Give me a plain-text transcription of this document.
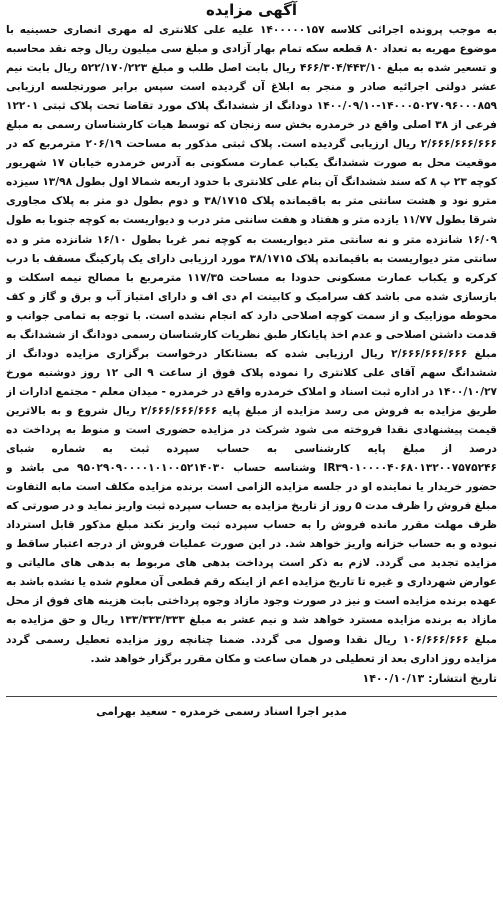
آگهی مزایده

به موجب پرونده اجرائی کلاسه ۱۴۰۰۰۰۰۱۵۷ علیه علی کلانتری له مهری انصاری حسینیه با موضوع مهریه به تعداد ۸۰ قطعه سکه تمام بهار آزادی و مبلغ سی میلیون ریال وجه نقد محاسبه و تسعیر شده به مبلغ ۴۶۶/۳۰۴/۴۴۳/۱۰ ریال بابت اصل طلب و مبلغ ۵۲۲/۱۷۰/۲۲۳ ریال بابت نیم عشر دولتی اجرائیه صادر و منجر به ابلاغ آن گردیده است سپس برابر صورتجلسه ارزیابی ۱۴۰۰۰۵۰۲۷۰۹۶۰۰۰۸۵۹-۱۴۰۰/۰۹/۱۰ دودانگ از ششدانگ پلاک مورد تقاضا تحت پلاک ثبتی ۱۲۲۰۱ فرعی از ۳۸ اصلی واقع در خرمدره بخش سه زنجان که توسط هیات کارشناسان رسمی به مبلغ ۲/۶۶۶/۶۶۶/۶۶۶ ریال ارزیابی گردیده است. پلاک ثبتی مذکور به مساحت ۲۰۶/۱۹ مترمربع که در موقعیت محل به صورت ششدانگ یکباب عمارت مسکونی به آدرس خرمدره خیابان ۱۷ شهریور کوچه ۲۳ پ ۸ که سند ششدانگ آن بنام علی کلانتری با حدود اربعه شمالا اول بطول ۱۳/۹۸ سیزده مترو نود و هشت سانتی متر به باقیمانده پلاک ۳۸/۱۷۱۵ و دوم بطول دو متر به پلاک مجاوری شرقا بطول ۱۱/۷۷ یازده متر و هفتاد و هفت سانتی متر درب و دیواریست به کوچه جنوبا به طول ۱۶/۰۹ شانزده متر و نه سانتی متر دیواریست به کوچه نمر غربا بطول ۱۶/۱۰ شانزده متر و ده سانتی متر دیواریست به باقیمانده پلاک ۳۸/۱۷۱۵ مورد ارزیابی دارای یک پارکینگ مسقف با درب کرکره و یکباب عمارت مسکونی حدودا به مساحت ۱۱۷/۳۵ مترمربع با مصالح نیمه اسکلت و بازسازی شده می باشد کف سرامیک و کابینت ام دی اف و دارای امتیاز آب و برق و گاز و کف محوطه موزاییک و از سمت کوچه اصلاحی دارد که انجام نشده است. با توجه به تمامی جوانب و قدمت داشتن اصلاحی و عدم اخذ پایانکار طبق نظریات کارشناسان رسمی دودانگ از ششدانگ به مبلغ ۲/۶۶۶/۶۶۶/۶۶۶ ریال ارزیابی شده که بستانکار درخواست برگزاری مزایده دودانگ از ششدانگ سهم آقای علی کلانتری را نموده پلاک فوق از ساعت ۹ الی ۱۲ روز دوشنبه مورخ ۱۴۰۰/۱۰/۲۷ در اداره ثبت اسناد و املاک خرمدره واقع در خرمدره - میدان معلم - مجتمع ادارات از طریق مزایده به فروش می رسد مزایده از مبلغ پایه ۲/۶۶۶/۶۶۶/۶۶۶ ریال شروع و به بالاترین قیمت پیشنهادی نقدا فروخته می شود شرکت در مزایده حضوری است و منوط به پرداخت ده درصد از مبلغ پایه کارشناسی به حساب سپرده ثبت به شماره شبای IR۳۹۰۱۰۰۰۰۴۰۶۸۰۱۳۲۰۰۷۵۷۵۲۴۶ وشناسه حساب ۹۵۰۲۹۰۹۰۰۰۰۱۰۱۰۰۵۲۱۴۰۳۰ می باشد و حضور خریدار یا نماینده او در جلسه مزایده الزامی است برنده مزایده مکلف است مابه التفاوت مبلغ فروش را ظرف مدت ۵ روز از تاریخ مزایده به حساب سپرده ثبت واریز نماید و در صورتی که ظرف مهلت مقرر مانده فروش را به حساب سپرده ثبت واریز نکند مبلغ مذکور قابل استرداد نبوده و به حساب خزانه واریز خواهد شد. در این صورت عملیات فروش از درجه اعتبار ساقط و مزایده تجدید می گردد. لازم به ذکر است پرداخت بدهی های مربوط به بدهی های مالیاتی و عوارض شهرداری و غیره تا تاریخ مزایده اعم از اینکه رقم قطعی آن معلوم شده یا نشده باشد به عهده برنده مزایده است و نیز در صورت وجود مازاد وجوه پرداختی بابت هزینه های فوق از محل مازاد به برنده مزایده مسترد خواهد شد و نیم عشر به مبلغ ۱۳۳/۳۳۳/۳۳۳ ریال و حق مزایده به مبلغ ۱۰۶/۶۶۶/۶۶۶ ریال نقدا وصول می گردد. ضمنا چنانچه روز مزایده تعطیل رسمی گردد مزایده روز اداری بعد از تعطیلی در همان ساعت و مکان مقرر برگزار خواهد شد.

تاریخ انتشار: ۱۴۰۰/۱۰/۱۳

مدیر اجرا اسناد رسمی خرمدره - سعید بهرامی
